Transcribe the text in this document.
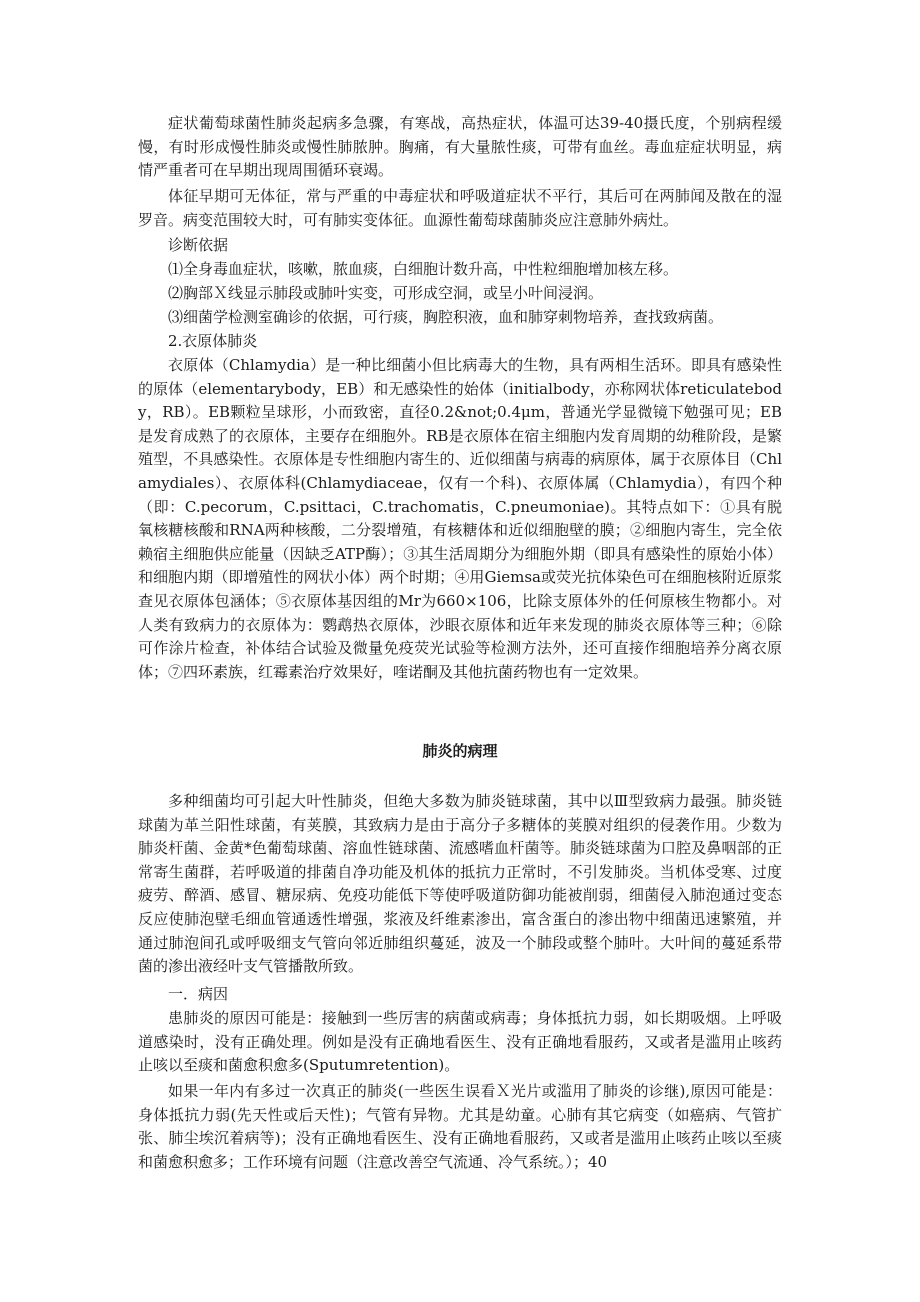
症状葡萄球菌性肺炎起病多急骤，有寒战，高热症状，体温可达39-40摄氏度，个别病程缓慢，有时形成慢性肺炎或慢性肺脓肿。胸痛，有大量脓性痰，可带有血丝。毒血症症状明显，病情严重者可在早期出现周围循环衰竭。
体征早期可无体征，常与严重的中毒症状和呼吸道症状不平行，其后可在两肺闻及散在的湿罗音。病变范围较大时，可有肺实变体征。血源性葡萄球菌肺炎应注意肺外病灶。
诊断依据
⑴全身毒血症状，咳嗽，脓血痰，白细胞计数升高，中性粒细胞增加核左移。
⑵胸部Ｘ线显示肺段或肺叶实变，可形成空洞，或呈小叶间浸润。
⑶细菌学检测室确诊的依据，可行痰，胸腔积液，血和肺穿刺物培养，查找致病菌。
2.衣原体肺炎
衣原体（Chlamydia）是一种比细菌小但比病毒大的生物，具有两相生活环。即具有感染性的原体（elementarybody，EB）和无感染性的始体（initialbody，亦称网状体reticulatebody，RB）。EB颗粒呈球形，小而致密，直径0.2&not;0.4μm，普通光学显微镜下勉强可见；EB是发育成熟了的衣原体，主要存在细胞外。RB是衣原体在宿主细胞内发育周期的幼稚阶段，是繁殖型，不具感染性。衣原体是专性细胞内寄生的、近似细菌与病毒的病原体，属于衣原体目（Chlamydiales）、衣原体科(Chlamydiaceae，仅有一个科)、衣原体属（Chlamydia），有四个种（即：C.pecorum，C.psittaci，C.trachomatis，C.pneumoniae)。其特点如下：①具有脱氧核糖核酸和RNA两种核酸，二分裂增殖，有核糖体和近似细胞壁的膜；②细胞内寄生，完全依赖宿主细胞供应能量（因缺乏ATP酶）；③其生活周期分为细胞外期（即具有感染性的原始小体）和细胞内期（即增殖性的网状小体）两个时期；④用Giemsa或荧光抗体染色可在细胞核附近原浆查见衣原体包涵体；⑤衣原体基因组的Mr为660×106，比除支原体外的任何原核生物都小。对人类有致病力的衣原体为：鹦鹉热衣原体，沙眼衣原体和近年来发现的肺炎衣原体等三种；⑥除可作涂片检查，补体结合试验及微量免疫荧光试验等检测方法外，还可直接作细胞培养分离衣原体；⑦四环素族，红霉素治疗效果好，喹诺酮及其他抗菌药物也有一定效果。
肺炎的病理
多种细菌均可引起大叶性肺炎，但绝大多数为肺炎链球菌，其中以Ⅲ型致病力最强。肺炎链球菌为革兰阳性球菌，有荚膜，其致病力是由于高分子多糖体的荚膜对组织的侵袭作用。少数为肺炎杆菌、金黄*色葡萄球菌、溶血性链球菌、流感嗜血杆菌等。肺炎链球菌为口腔及鼻咽部的正常寄生菌群，若呼吸道的排菌自净功能及机体的抵抗力正常时，不引发肺炎。当机体受寒、过度疲劳、醉酒、感冒、糖尿病、免疫功能低下等使呼吸道防御功能被削弱，细菌侵入肺泡通过变态反应使肺泡壁毛细血管通透性增强，浆液及纤维素渗出，富含蛋白的渗出物中细菌迅速繁殖，并通过肺泡间孔或呼吸细支气管向邻近肺组织蔓延，波及一个肺段或整个肺叶。大叶间的蔓延系带菌的渗出液经叶支气管播散所致。
一．病因
患肺炎的原因可能是：接触到一些厉害的病菌或病毒；身体抵抗力弱，如长期吸烟。上呼吸道感染时，没有正确处理。例如是没有正确地看医生、没有正确地看服药，又或者是滥用止咳药止咳以至痰和菌愈积愈多(Sputumretention)。
如果一年内有多过一次真正的肺炎(一些医生误看Ｘ光片或滥用了肺炎的诊继),原因可能是：身体抵抗力弱(先天性或后天性)；气管有异物。尤其是幼童。心肺有其它病变（如癌病、气管扩张、肺尘埃沉着病等)；没有正确地看医生、没有正确地看服药，又或者是滥用止咳药止咳以至痰和菌愈积愈多；工作环境有问题（注意改善空气流通、冷气系统。）；40
